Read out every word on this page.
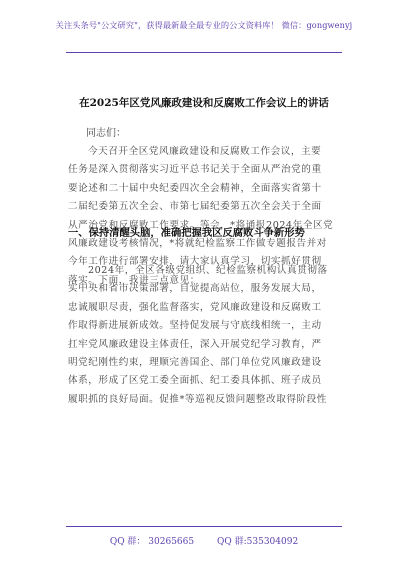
关注头条号"公文研究"，获得最新最全最专业的公文资料库！ 微信：gongwenyj
在2025年区党风廉政建设和反腐败工作会议上的讲话
同志们：
今天召开全区党风廉政建设和反腐败工作会议，主要
任务是深入贯彻落实习近平总书记关于全面从严治党的重
要论述和二十届中央纪委四次全会精神，全面落实省第十
二届纪委第五次全会、市第七届纪委第五次全会关于全面
从严治党和反腐败工作要求。等会，*将通报2024年全区党
风廉政建设考核情况，*将就纪检监察工作做专题报告并对
今年工作进行部署安排，请大家认真学习，切实抓好贯彻
落实。下面，我讲三点意见：
一、保持清醒头脑，准确把握我区反腐败斗争新形势
2024年，全区各级党组织、纪检监察机构认真贯彻落
实中央和省市决策部署，自觉提高站位，服务发展大局，
忠诚履职尽责，强化监督落实，党风廉政建设和反腐败工
作取得新进展新成效。坚持促发展与守底线相统一，主动
扛牢党风廉政建设主体责任，深入开展党纪学习教育，严
明党纪刚性约束，理顺完善国企、部门单位党风廉政建设
体系，形成了区党工委全面抓、纪工委具体抓、班子成员
履职抓的良好局面。促推*等巡视反馈问题整改取得阶段性
QQ 群： 30265665	QQ 群:535304092
